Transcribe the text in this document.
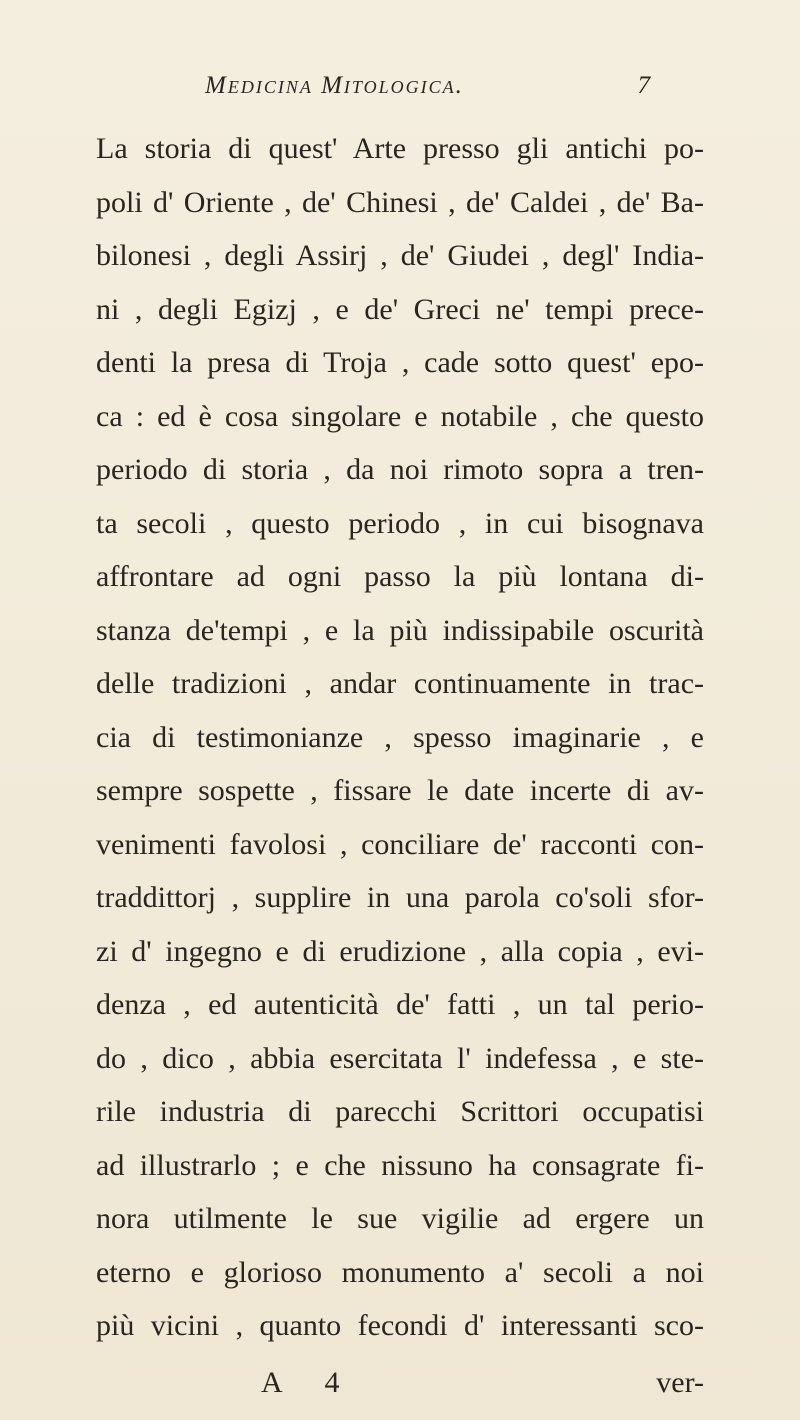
Medicina Mitologica.	7
La storia di quest' Arte presso gli antichi po-
poli d' Oriente , de' Chinesi , de' Caldei , de' Ba-
bilonesi , degli Assirj , de' Giudei , degl' India-
ni , degli Egizj , e de' Greci ne' tempi prece-
denti la presa di Troja , cade sotto quest' epo-
ca : ed è cosa singolare e notabile , che questo
periodo di storia , da noi rimoto sopra a tren-
ta secoli , questo periodo , in cui bisognava
affrontare ad ogni passo la più lontana di-
stanza de'tempi , e la più indissipabile oscurità
delle tradizioni , andar continuamente in trac-
cia di testimonianze , spesso imaginarie , e
sempre sospette , fissare le date incerte di av-
venimenti favolosi , conciliare de' racconti con-
traddittorj , supplire in una parola co'soli sfor-
zi d' ingegno e di erudizione , alla copia , evi-
denza , ed autenticità de' fatti , un tal perio-
do , dico , abbia esercitata l' indefessa , e ste-
rile industria di parecchi Scrittori occupatisi
ad illustrarlo ; e che nissuno ha consagrate fi-
nora utilmente le sue vigilie ad ergere un
eterno e glorioso monumento a' secoli a noi
più vicini , quanto fecondi d' interessanti sco-
A 4	ver-
